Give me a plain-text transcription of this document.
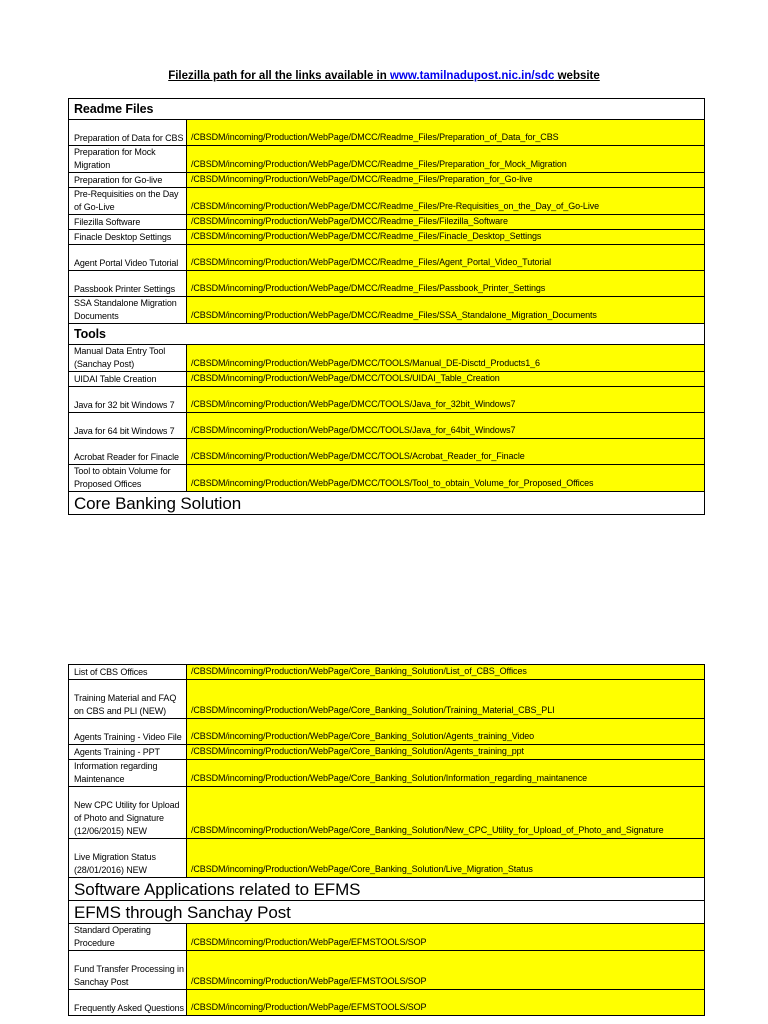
Filezilla path for all the links available in www.tamilnadupost.nic.in/sdc website
Readme Files	
Preparation of Data for CBS	/CBSDM/incoming/Production/WebPage/DMCC/Readme_Files/Preparation_of_Data_for_CBS
Preparation for Mock Migration	/CBSDM/incoming/Production/WebPage/DMCC/Readme_Files/Preparation_for_Mock_Migration
Preparation for Go-live	/CBSDM/incoming/Production/WebPage/DMCC/Readme_Files/Preparation_for_Go-live
Pre-Requisities on the Day of Go-Live	/CBSDM/incoming/Production/WebPage/DMCC/Readme_Files/Pre-Requisities_on_the_Day_of_Go-Live
Filezilla Software	/CBSDM/incoming/Production/WebPage/DMCC/Readme_Files/Filezilla_Software
Finacle Desktop Settings	/CBSDM/incoming/Production/WebPage/DMCC/Readme_Files/Finacle_Desktop_Settings
Agent Portal Video Tutorial	/CBSDM/incoming/Production/WebPage/DMCC/Readme_Files/Agent_Portal_Video_Tutorial
Passbook Printer Settings	/CBSDM/incoming/Production/WebPage/DMCC/Readme_Files/Passbook_Printer_Settings
SSA Standalone Migration Documents	/CBSDM/incoming/Production/WebPage/DMCC/Readme_Files/SSA_Standalone_Migration_Documents
Tools	
Manual Data Entry Tool (Sanchay Post)	/CBSDM/incoming/Production/WebPage/DMCC/TOOLS/Manual_DE-Disctd_Products1_6
UIDAI Table Creation	/CBSDM/incoming/Production/WebPage/DMCC/TOOLS/UIDAI_Table_Creation
Java for 32 bit Windows 7	/CBSDM/incoming/Production/WebPage/DMCC/TOOLS/Java_for_32bit_Windows7
Java for 64 bit Windows 7	/CBSDM/incoming/Production/WebPage/DMCC/TOOLS/Java_for_64bit_Windows7
Acrobat Reader for Finacle	/CBSDM/incoming/Production/WebPage/DMCC/TOOLS/Acrobat_Reader_for_Finacle
Tool to obtain Volume for Proposed Offices	/CBSDM/incoming/Production/WebPage/DMCC/TOOLS/Tool_to_obtain_Volume_for_Proposed_Offices
Core Banking Solution	
List of CBS Offices	/CBSDM/incoming/Production/WebPage/Core_Banking_Solution/List_of_CBS_Offices
Training Material and FAQ on CBS and PLI (NEW)	/CBSDM/incoming/Production/WebPage/Core_Banking_Solution/Training_Material_CBS_PLI
Agents Training - Video File	/CBSDM/incoming/Production/WebPage/Core_Banking_Solution/Agents_training_Video
Agents Training - PPT	/CBSDM/incoming/Production/WebPage/Core_Banking_Solution/Agents_training_ppt
Information regarding Maintenance	/CBSDM/incoming/Production/WebPage/Core_Banking_Solution/Information_regarding_maintanence
New CPC Utility for Upload of Photo and Signature (12/06/2015) NEW	/CBSDM/incoming/Production/WebPage/Core_Banking_Solution/New_CPC_Utility_for_Upload_of_Photo_and_Signature
Live Migration Status (28/01/2016) NEW	/CBSDM/incoming/Production/WebPage/Core_Banking_Solution/Live_Migration_Status
Software Applications related to EFMS	
EFMS through Sanchay Post	
Standard Operating Procedure	/CBSDM/incoming/Production/WebPage/EFMSTOOLS/SOP
Fund Transfer Processing in Sanchay Post	/CBSDM/incoming/Production/WebPage/EFMSTOOLS/SOP
Frequently Asked Questions	/CBSDM/incoming/Production/WebPage/EFMSTOOLS/SOP
